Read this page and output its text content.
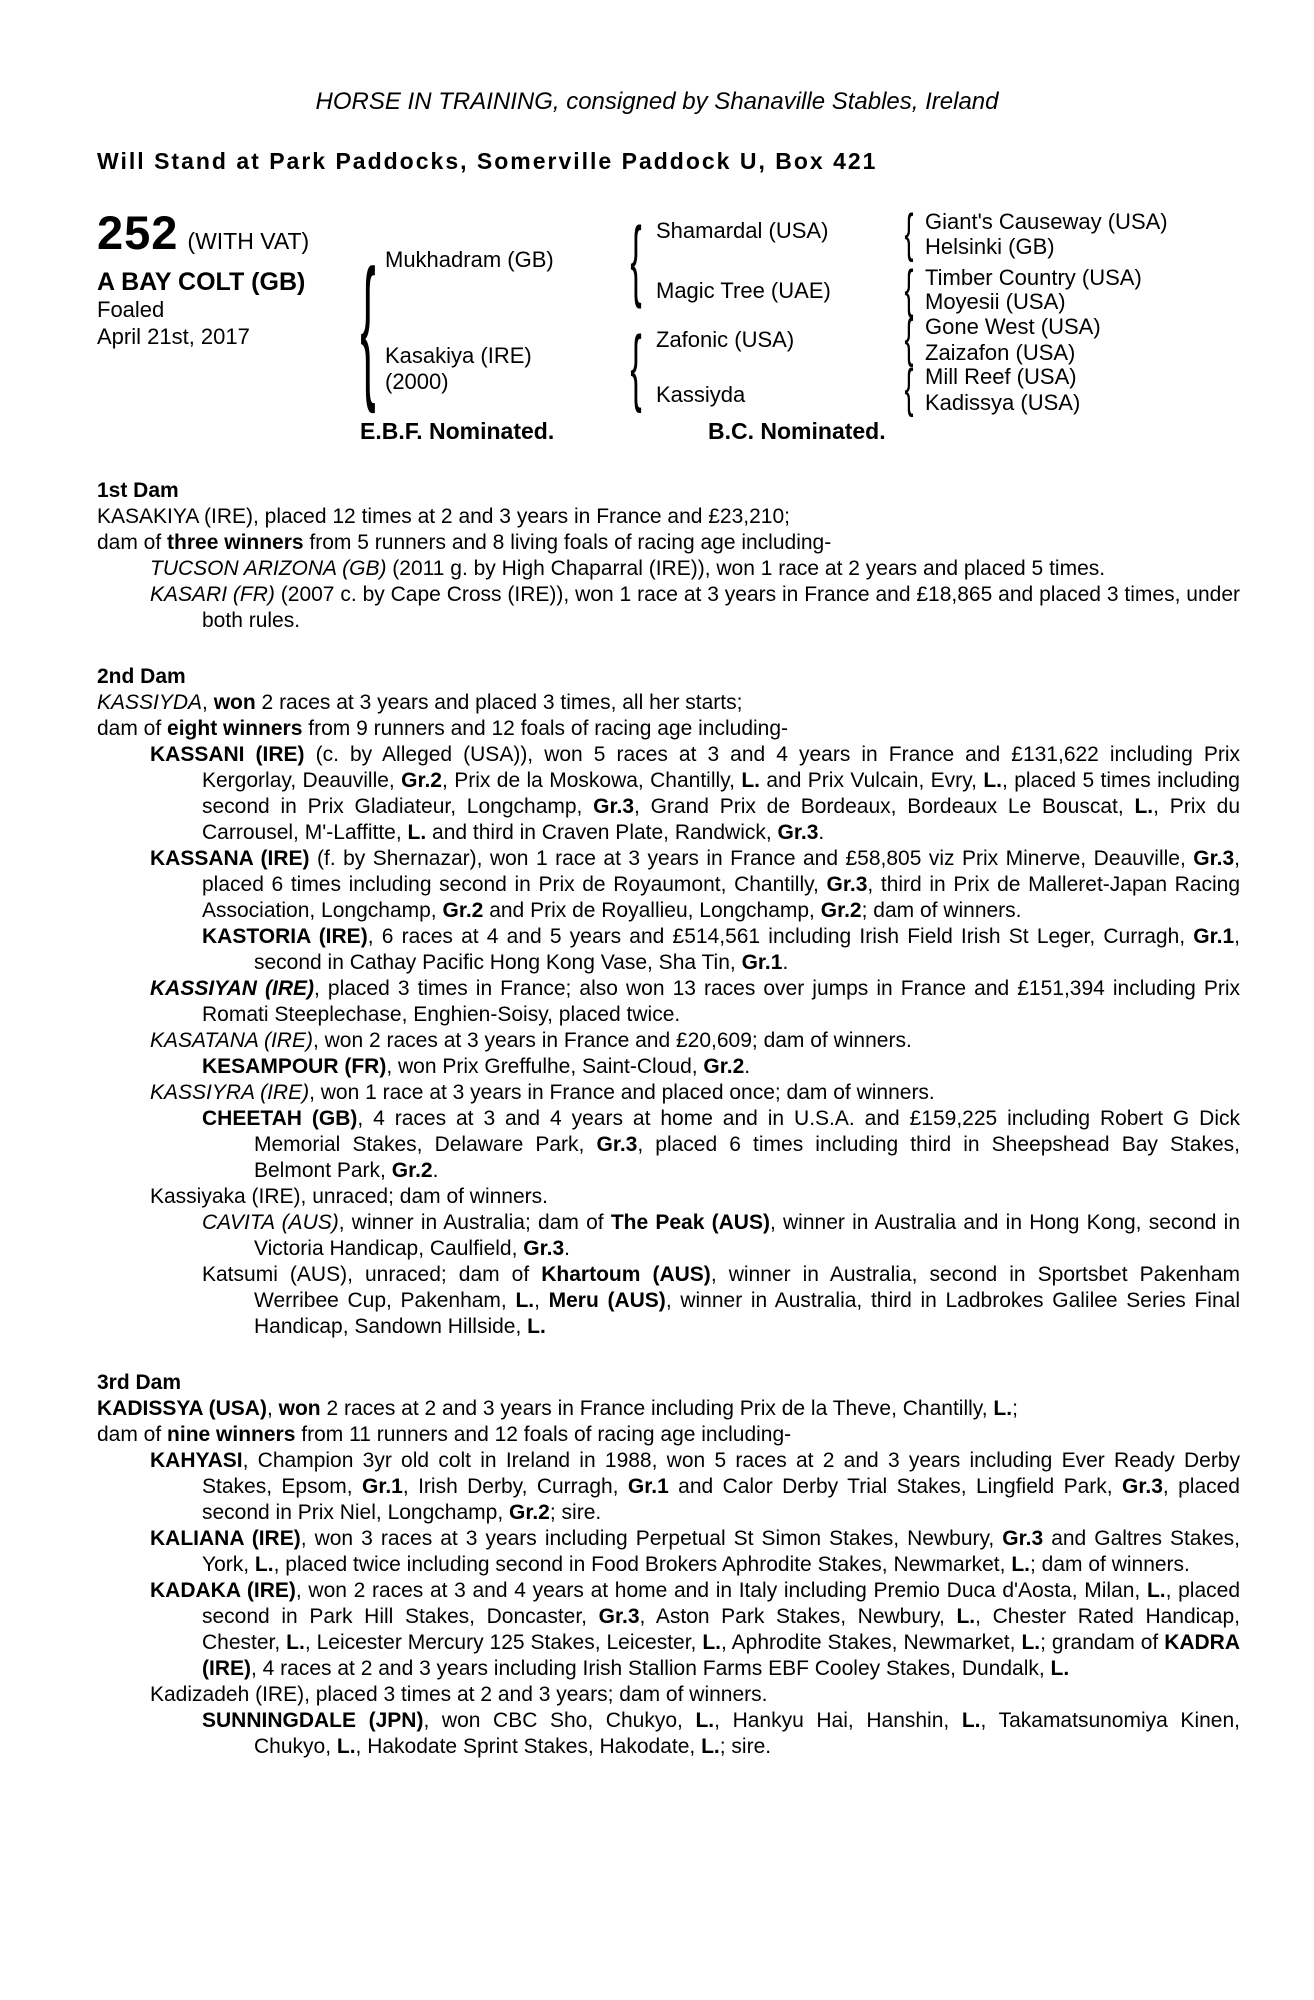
HORSE IN TRAINING, consigned by Shanaville Stables, Ireland
Will Stand at Park Paddocks, Somerville Paddock U, Box 421
252 (WITH VAT)
A BAY COLT (GB)
Foaled
April 21st, 2017 {	{
{
{
{
{
{
Mukhadram (GB)
Kasakiya (IRE)
(2000)
Shamardal (USA)
Magic Tree (UAE)
Zafonic (USA)
Kassiyda
Giant's Causeway (USA)
Helsinki (GB)
Timber Country (USA)
Moyesii (USA)
Gone West (USA)
Zaizafon (USA)
Mill Reef (USA)
Kadissya (USA)
E.B.F. Nominated.	B.C. Nominated.
1st Dam

KASAKIYA (IRE), placed 12 times at 2 and 3 years in France and £23,210;

dam of three winners from 5 runners and 8 living foals of racing age including-

TUCSON ARIZONA (GB) (2011 g. by High Chaparral (IRE)), won 1 race at 2 years and placed 5 times.

KASARI (FR) (2007 c. by Cape Cross (IRE)), won 1 race at 3 years in France and £18,865 and placed 3 times, under both rules.

2nd Dam

KASSIYDA, won 2 races at 3 years and placed 3 times, all her starts;

dam of eight winners from 9 runners and 12 foals of racing age including-

KASSANI (IRE) (c. by Alleged (USA)), won 5 races at 3 and 4 years in France and £131,622 including Prix Kergorlay, Deauville, Gr.2, Prix de la Moskowa, Chantilly, L. and Prix Vulcain, Evry, L., placed 5 times including second in Prix Gladiateur, Longchamp, Gr.3, Grand Prix de Bordeaux, Bordeaux Le Bouscat, L., Prix du Carrousel, M'-Laffitte, L. and third in Craven Plate, Randwick, Gr.3.

KASSANA (IRE) (f. by Shernazar), won 1 race at 3 years in France and £58,805 viz Prix Minerve, Deauville, Gr.3, placed 6 times including second in Prix de Royaumont, Chantilly, Gr.3, third in Prix de Malleret-Japan Racing Association, Longchamp, Gr.2 and Prix de Royallieu, Longchamp, Gr.2; dam of winners.

KASTORIA (IRE), 6 races at 4 and 5 years and £514,561 including Irish Field Irish St Leger, Curragh, Gr.1, second in Cathay Pacific Hong Kong Vase, Sha Tin, Gr.1.

KASSIYAN (IRE), placed 3 times in France; also won 13 races over jumps in France and £151,394 including Prix Romati Steeplechase, Enghien-Soisy, placed twice.

KASATANA (IRE), won 2 races at 3 years in France and £20,609; dam of winners.

KESAMPOUR (FR), won Prix Greffulhe, Saint-Cloud, Gr.2.

KASSIYRA (IRE), won 1 race at 3 years in France and placed once; dam of winners.

CHEETAH (GB), 4 races at 3 and 4 years at home and in U.S.A. and £159,225 including Robert G Dick Memorial Stakes, Delaware Park, Gr.3, placed 6 times including third in Sheepshead Bay Stakes, Belmont Park, Gr.2.

Kassiyaka (IRE), unraced; dam of winners.

CAVITA (AUS), winner in Australia; dam of The Peak (AUS), winner in Australia and in Hong Kong, second in Victoria Handicap, Caulfield, Gr.3.

Katsumi (AUS), unraced; dam of Khartoum (AUS), winner in Australia, second in Sportsbet Pakenham Werribee Cup, Pakenham, L., Meru (AUS), winner in Australia, third in Ladbrokes Galilee Series Final Handicap, Sandown Hillside, L.

3rd Dam

KADISSYA (USA), won 2 races at 2 and 3 years in France including Prix de la Theve, Chantilly, L.;

dam of nine winners from 11 runners and 12 foals of racing age including-

KAHYASI, Champion 3yr old colt in Ireland in 1988, won 5 races at 2 and 3 years including Ever Ready Derby Stakes, Epsom, Gr.1, Irish Derby, Curragh, Gr.1 and Calor Derby Trial Stakes, Lingfield Park, Gr.3, placed second in Prix Niel, Longchamp, Gr.2; sire.

KALIANA (IRE), won 3 races at 3 years including Perpetual St Simon Stakes, Newbury, Gr.3 and Galtres Stakes, York, L., placed twice including second in Food Brokers Aphrodite Stakes, Newmarket, L.; dam of winners.

KADAKA (IRE), won 2 races at 3 and 4 years at home and in Italy including Premio Duca d'Aosta, Milan, L., placed second in Park Hill Stakes, Doncaster, Gr.3, Aston Park Stakes, Newbury, L., Chester Rated Handicap, Chester, L., Leicester Mercury 125 Stakes, Leicester, L., Aphrodite Stakes, Newmarket, L.; grandam of KADRA (IRE), 4 races at 2 and 3 years including Irish Stallion Farms EBF Cooley Stakes, Dundalk, L.

Kadizadeh (IRE), placed 3 times at 2 and 3 years; dam of winners.

SUNNINGDALE (JPN), won CBC Sho, Chukyo, L., Hankyu Hai, Hanshin, L., Takamatsunomiya Kinen, Chukyo, L., Hakodate Sprint Stakes, Hakodate, L.; sire.
